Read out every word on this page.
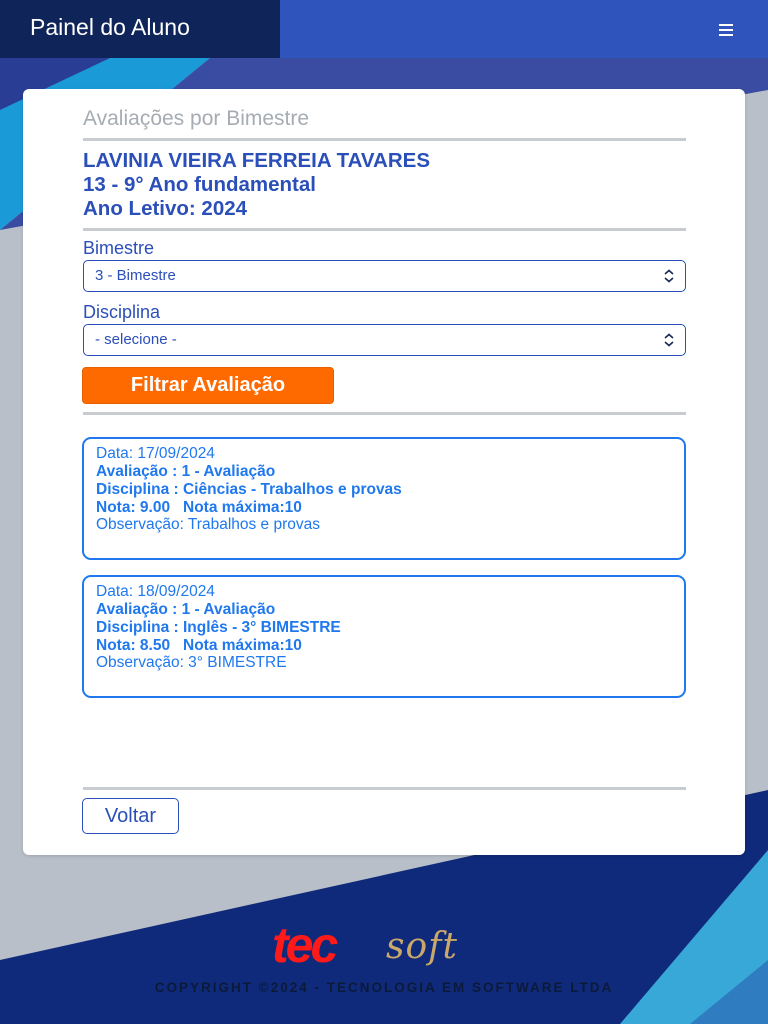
Painel do Aluno
Avaliações por Bimestre
LAVINIA VIEIRA FERREIA TAVARES
13 - 9° Ano fundamental
Ano Letivo: 2024
Bimestre
3 - Bimestre
Disciplina
- selecione -
Filtrar Avaliação
Data: 17/09/2024
Avaliação : 1 - Avaliação
Disciplina : Ciências - Trabalhos e provas
Nota: 9.00   Nota máxima:10
Observação: Trabalhos e provas
Data: 18/09/2024
Avaliação : 1 - Avaliação
Disciplina : Inglês - 3° BIMESTRE
Nota: 8.50   Nota máxima:10
Observação: 3° BIMESTRE
Voltar
tec soft
COPYRIGHT ©2024 - TECNOLOGIA EM SOFTWARE LTDA
